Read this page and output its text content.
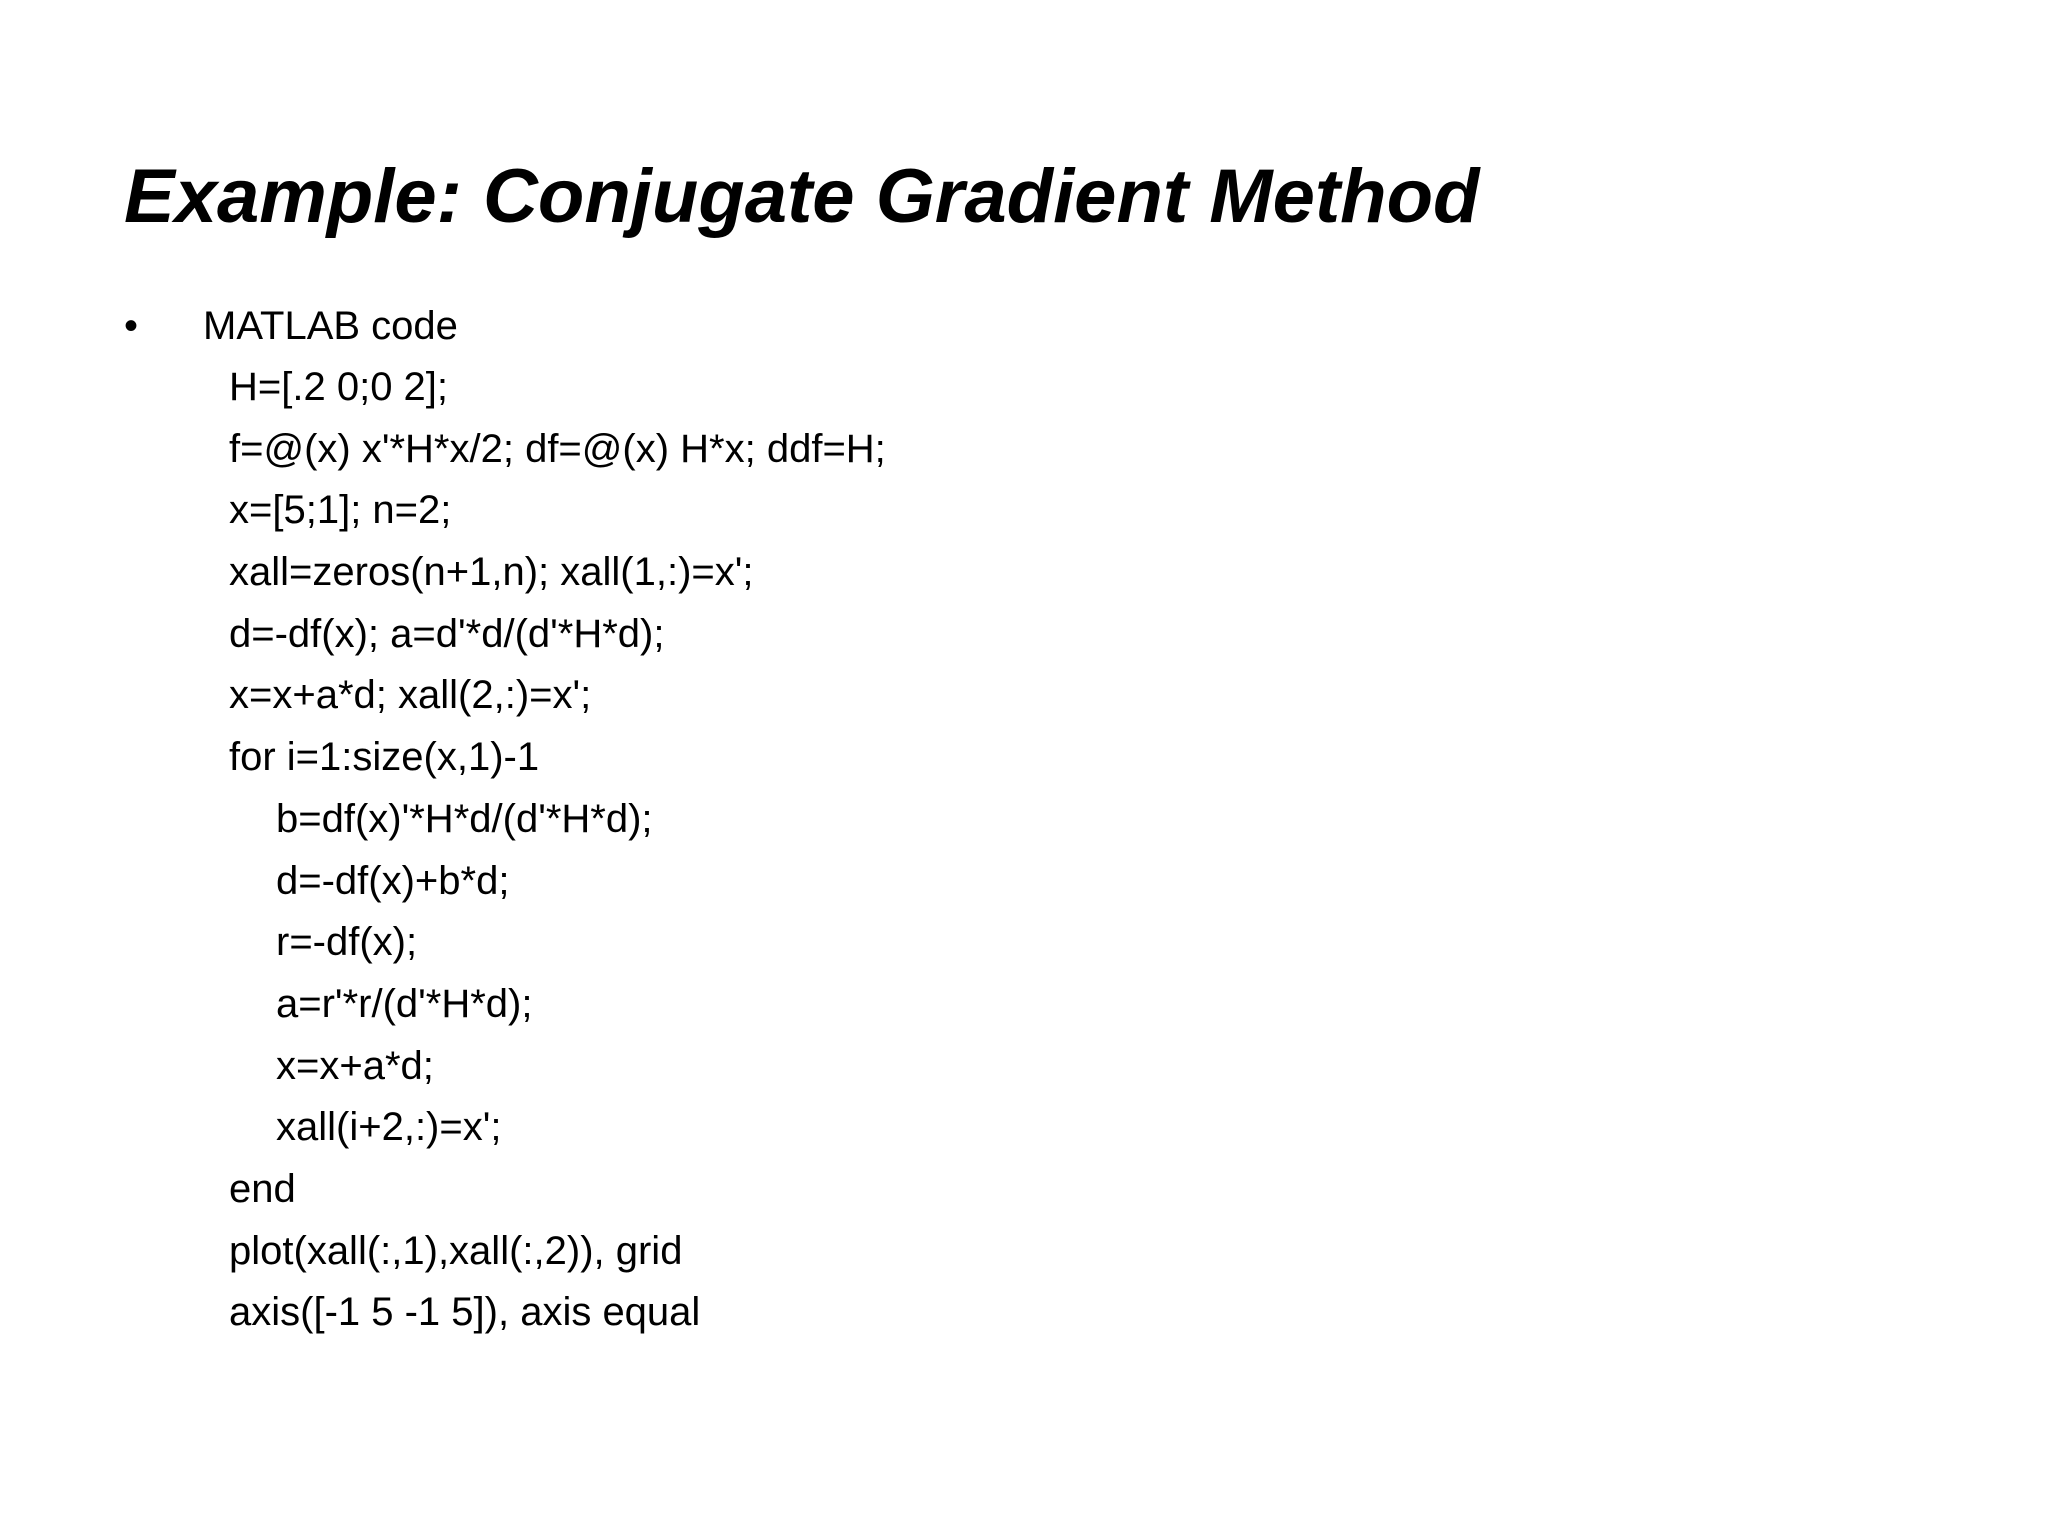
Example: Conjugate Gradient Method
• MATLAB code
H=[.2 0;0 2];
f=@(x) x'*H*x/2; df=@(x) H*x; ddf=H;
x=[5;1]; n=2;
xall=zeros(n+1,n); xall(1,:)=x';
d=-df(x); a=d'*d/(d'*H*d);
x=x+a*d; xall(2,:)=x';
for i=1:size(x,1)-1
b=df(x)'*H*d/(d'*H*d);
d=-df(x)+b*d;
r=-df(x);
a=r'*r/(d'*H*d);
x=x+a*d;
xall(i+2,:)=x';
end
plot(xall(:,1),xall(:,2)), grid
axis([-1 5 -1 5]), axis equal
